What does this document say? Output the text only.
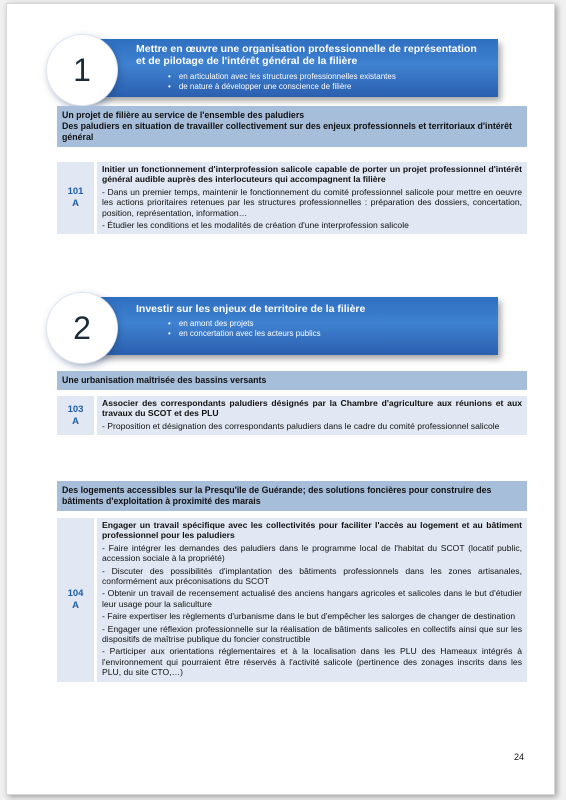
Mettre en œuvre une organisation professionnelle de représentation et de pilotage de l'intérêt général de la filière
• en articulation avec les structures professionnelles existantes
• de nature à développer une conscience de filière
1
Un projet de filière au service de l'ensemble des paludiers
Des paludiers en situation de travailler collectivement sur des enjeux professionnels et territoriaux d'intérêt général
101
A
Initier un fonctionnement d'interprofession salicole capable de porter un projet professionnel d'intérêt général audible auprès des interlocuteurs qui accompagnent la filière

- Dans un premier temps, maintenir le fonctionnement du comité professionnel salicole pour mettre en oeuvre les actions prioritaires retenues par les structures professionnelles : préparation des dossiers, concertation, position, représentation, information…

- Étudier les conditions et les modalités de création d'une interprofession salicole

Investir sur les enjeux de territoire de la filière
• en amont des projets
• en concertation avec les acteurs publics
2
Une urbanisation maîtrisée des bassins versants
103
A
Associer des correspondants paludiers désignés par la Chambre d'agriculture aux réunions et aux travaux du SCOT et des PLU

- Proposition et désignation des correspondants paludiers dans le cadre du comité professionnel salicole

Des logements accessibles sur la Presqu'île de Guérande; des solutions foncières pour construire des bâtiments d'exploitation à proximité des marais
104
A
Engager un travail spécifique avec les collectivités pour faciliter l'accès au logement et au bâtiment professionnel pour les paludiers

- Faire intégrer les demandes des paludiers dans le programme local de l'habitat du SCOT (locatif public, accession sociale à la propriété)

- Discuter des possibilités d'implantation des bâtiments professionnels dans les zones artisanales, conformément aux préconisations du SCOT

- Obtenir un travail de recensement actualisé des anciens hangars agricoles et salicoles dans le but d'étudier leur usage pour la saliculture

- Faire expertiser les règlements d'urbanisme dans le but d'empêcher les salorges de changer de destination

- Engager une réflexion professionnelle sur la réalisation de bâtiments salicoles en collectifs ainsi que sur les dispositifs de maîtrise publique du foncier constructible

- Participer aux orientations réglementaires et à la localisation dans les PLU des Hameaux intégrés à l'environnement qui pourraient être réservés à l'activité salicole (pertinence des zonages inscrits dans les PLU, du site CTO,…)

24
